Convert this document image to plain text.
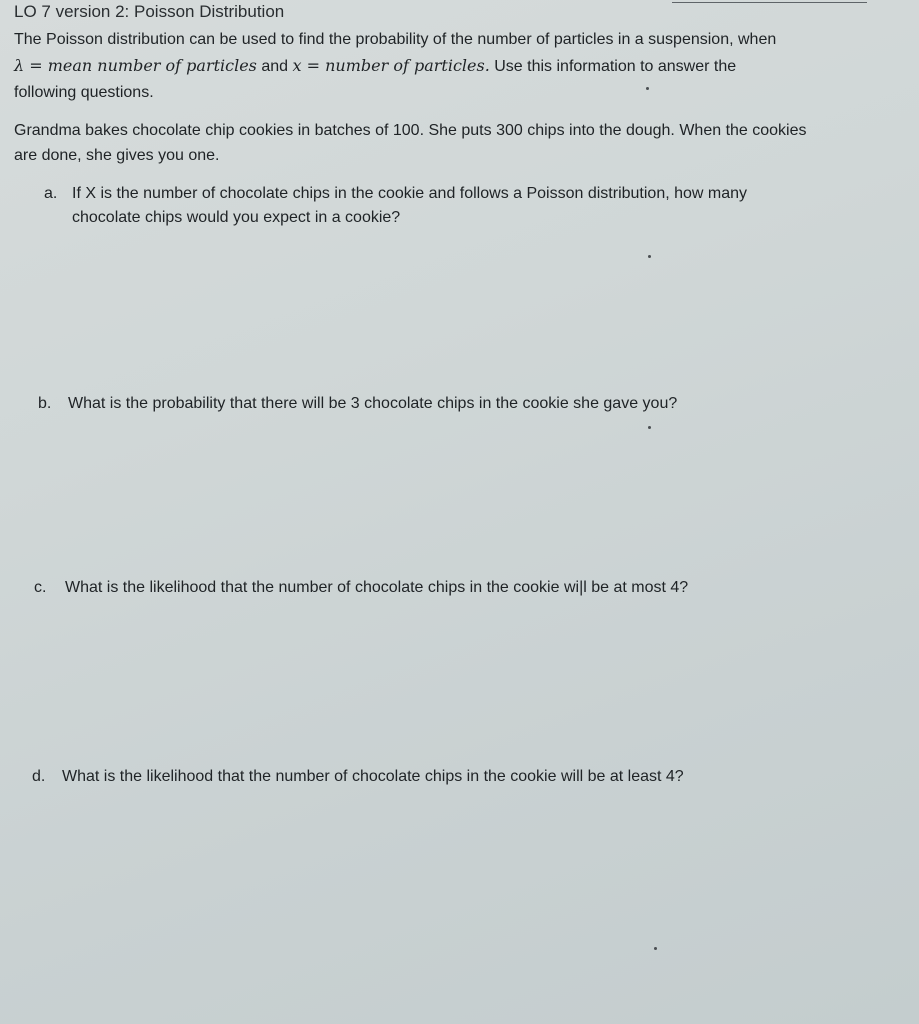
LO 7 version 2: Poisson Distribution
The Poisson distribution can be used to find the probability of the number of particles in a suspension, when
λ = mean number of particles and x = number of particles. Use this information to answer the
following questions.
Grandma bakes chocolate chip cookies in batches of 100. She puts 300 chips into the dough. When the cookies
are done, she gives you one.
a. If X is the number of chocolate chips in the cookie and follows a Poisson distribution, how many
chocolate chips would you expect in a cookie?
b. What is the probability that there will be 3 chocolate chips in the cookie she gave you?
c. What is the likelihood that the number of chocolate chips in the cookie wi|l be at most 4?
d. What is the likelihood that the number of chocolate chips in the cookie will be at least 4?
